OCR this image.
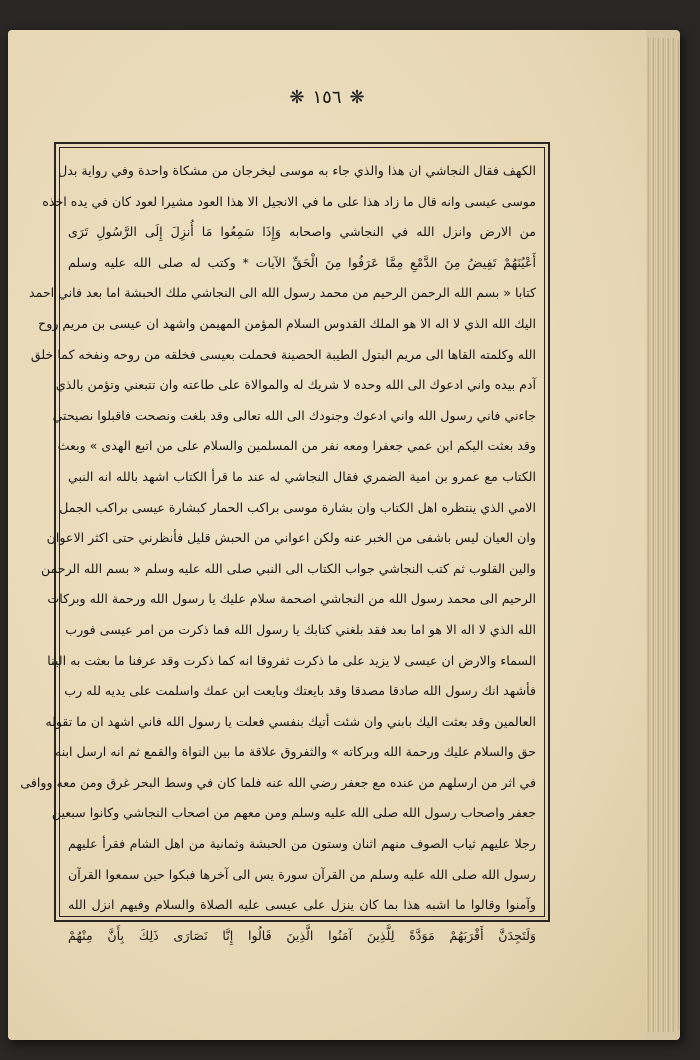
❋ ١٥٦ ❋
الكهف فقال النجاشي ان هذا والذي جاء به موسى ليخرجان من مشكاة واحدة وفي رواية بدل
موسى عيسى وانه قال ما زاد هذا على ما في الانجيل الا هذا العود مشيرا لعود كان في يده اخذه
من الارض وانزل الله في النجاشي واصحابه وَإِذَا سَمِعُوا مَا أُنزِلَ إِلَى الرَّسُولِ تَرَى
أَعْيُنَهُمْ تَفِيضُ مِنَ الدَّمْعِ مِمَّا عَرَفُوا مِنَ الْحَقِّ الآيات * وكتب له صلى الله عليه وسلم
كتابا « بسم الله الرحمن الرحيم من محمد رسول الله الى النجاشي ملك الحبشة اما بعد فاني احمد
اليك الله الذي لا اله الا هو الملك القدوس السلام المؤمن المهيمن واشهد ان عيسى بن مريم روح
الله وكلمته القاها الى مريم البتول الطيبة الحصينة فحملت بعيسى فخلقه من روحه ونفخه كما خلق
آدم بيده واني ادعوك الى الله وحده لا شريك له والموالاة على طاعته وان تتبعني وتؤمن بالذي
جاءني فاني رسول الله واني ادعوك وجنودك الى الله تعالى وقد بلغت ونصحت فاقبلوا نصيحتي
وقد بعثت اليكم ابن عمي جعفرا ومعه نفر من المسلمين والسلام على من اتبع الهدى » وبعث
الكتاب مع عمرو بن امية الضمري فقال النجاشي له عند ما قرأ الكتاب اشهد بالله انه النبي
الامي الذي ينتظره اهل الكتاب وان بشارة موسى براكب الحمار كبشارة عيسى براكب الجمل
وان العيان ليس باشفى من الخبر عنه ولكن اعواني من الحبش قليل فأنظرني حتى اكثر الاعوان
والين القلوب ثم كتب النجاشي جواب الكتاب الى النبي صلى الله عليه وسلم « بسم الله الرحمن
الرحيم الى محمد رسول الله من النجاشي اصحمة سلام عليك يا رسول الله ورحمة الله وبركات
الله الذي لا اله الا هو اما بعد فقد بلغني كتابك يا رسول الله فما ذكرت من امر عيسى فورب
السماء والارض ان عيسى لا يزيد على ما ذكرت ثفروقا انه كما ذكرت وقد عرفنا ما بعثت به الينا
فأشهد انك رسول الله صادقا مصدقا وقد بايعتك وبايعت ابن عمك واسلمت على يديه لله رب
العالمين وقد بعثت اليك بابني وان شئت أتيك بنفسي فعلت يا رسول الله فاني اشهد ان ما تقوله
حق والسلام عليك ورحمة الله وبركاته » والثفروق علاقة ما بين النواة والقمع ثم انه ارسل ابنه
في اثر من ارسلهم من عنده مع جعفر رضي الله عنه فلما كان في وسط البحر غرق ومن معه ووافى
جعفر واصحاب رسول الله صلى الله عليه وسلم ومن معهم من اصحاب النجاشي وكانوا سبعين
رجلا عليهم ثياب الصوف منهم اثنان وستون من الحبشة وثمانية من اهل الشام فقرأ عليهم
رسول الله صلى الله عليه وسلم من القرآن سورة يس الى آخرها فبكوا حين سمعوا القرآن
وآمنوا وقالوا ما اشبه هذا بما كان ينزل على عيسى عليه الصلاة والسلام وفيهم انزل الله
وَلَتَجِدَنَّ أَقْرَبَهُمْ مَوَدَّةً لِلَّذِينَ آمَنُوا الَّذِينَ قَالُوا إِنَّا نَصَارَى ذَلِكَ بِأَنَّ مِنْهُمْ
